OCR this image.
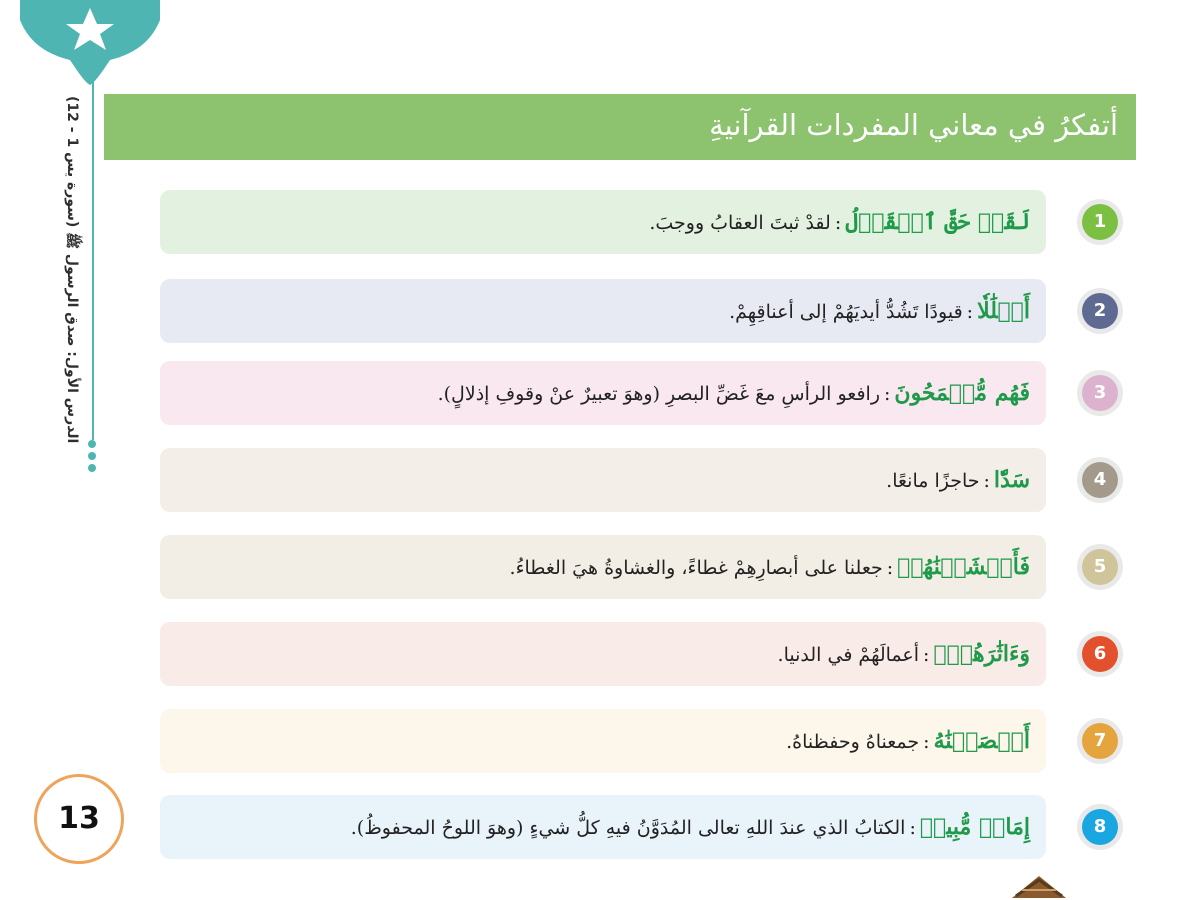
الدرس الأول: صدق الرسول ﷺ (سورة يس 1 - 12)
أتفكرُ في معاني المفردات القرآنيةِ
لَقَدۡ حَقَّ ٱلۡقَوۡلُ:لقدْ ثبتَ العقابُ ووجبَ.	1
أَغۡلَٰلٗا:قيودًا تَشُدُّ أيديَهُمْ إلى أعناقِهِمْ.	2
فَهُم مُّقۡمَحُونَ:رافعو الرأسِ معَ غَضِّ البصرِ (وهوَ تعبيرٌ عنْ وقوفِ إذلالٍ).	3
سَدّٗا:حاجزًا مانعًا.	4
فَأَغۡشَيۡنَٰهُمۡ:جعلنا على أبصارِهِمْ غطاءً، والغشاوةُ هيَ الغطاءُ.	5
وَءَاثَٰرَهُمۡۚ:أعمالَهُمْ في الدنيا.	6
أَحۡصَيۡنَٰهُ:جمعناهُ وحفظناهُ.	7
إِمَامٖ مُّبِينٖ:الكتابُ الذي عندَ اللهِ تعالى المُدَوَّنُ فيهِ كلُّ شيءٍ (وهوَ اللوحُ المحفوظُ).	8
13
